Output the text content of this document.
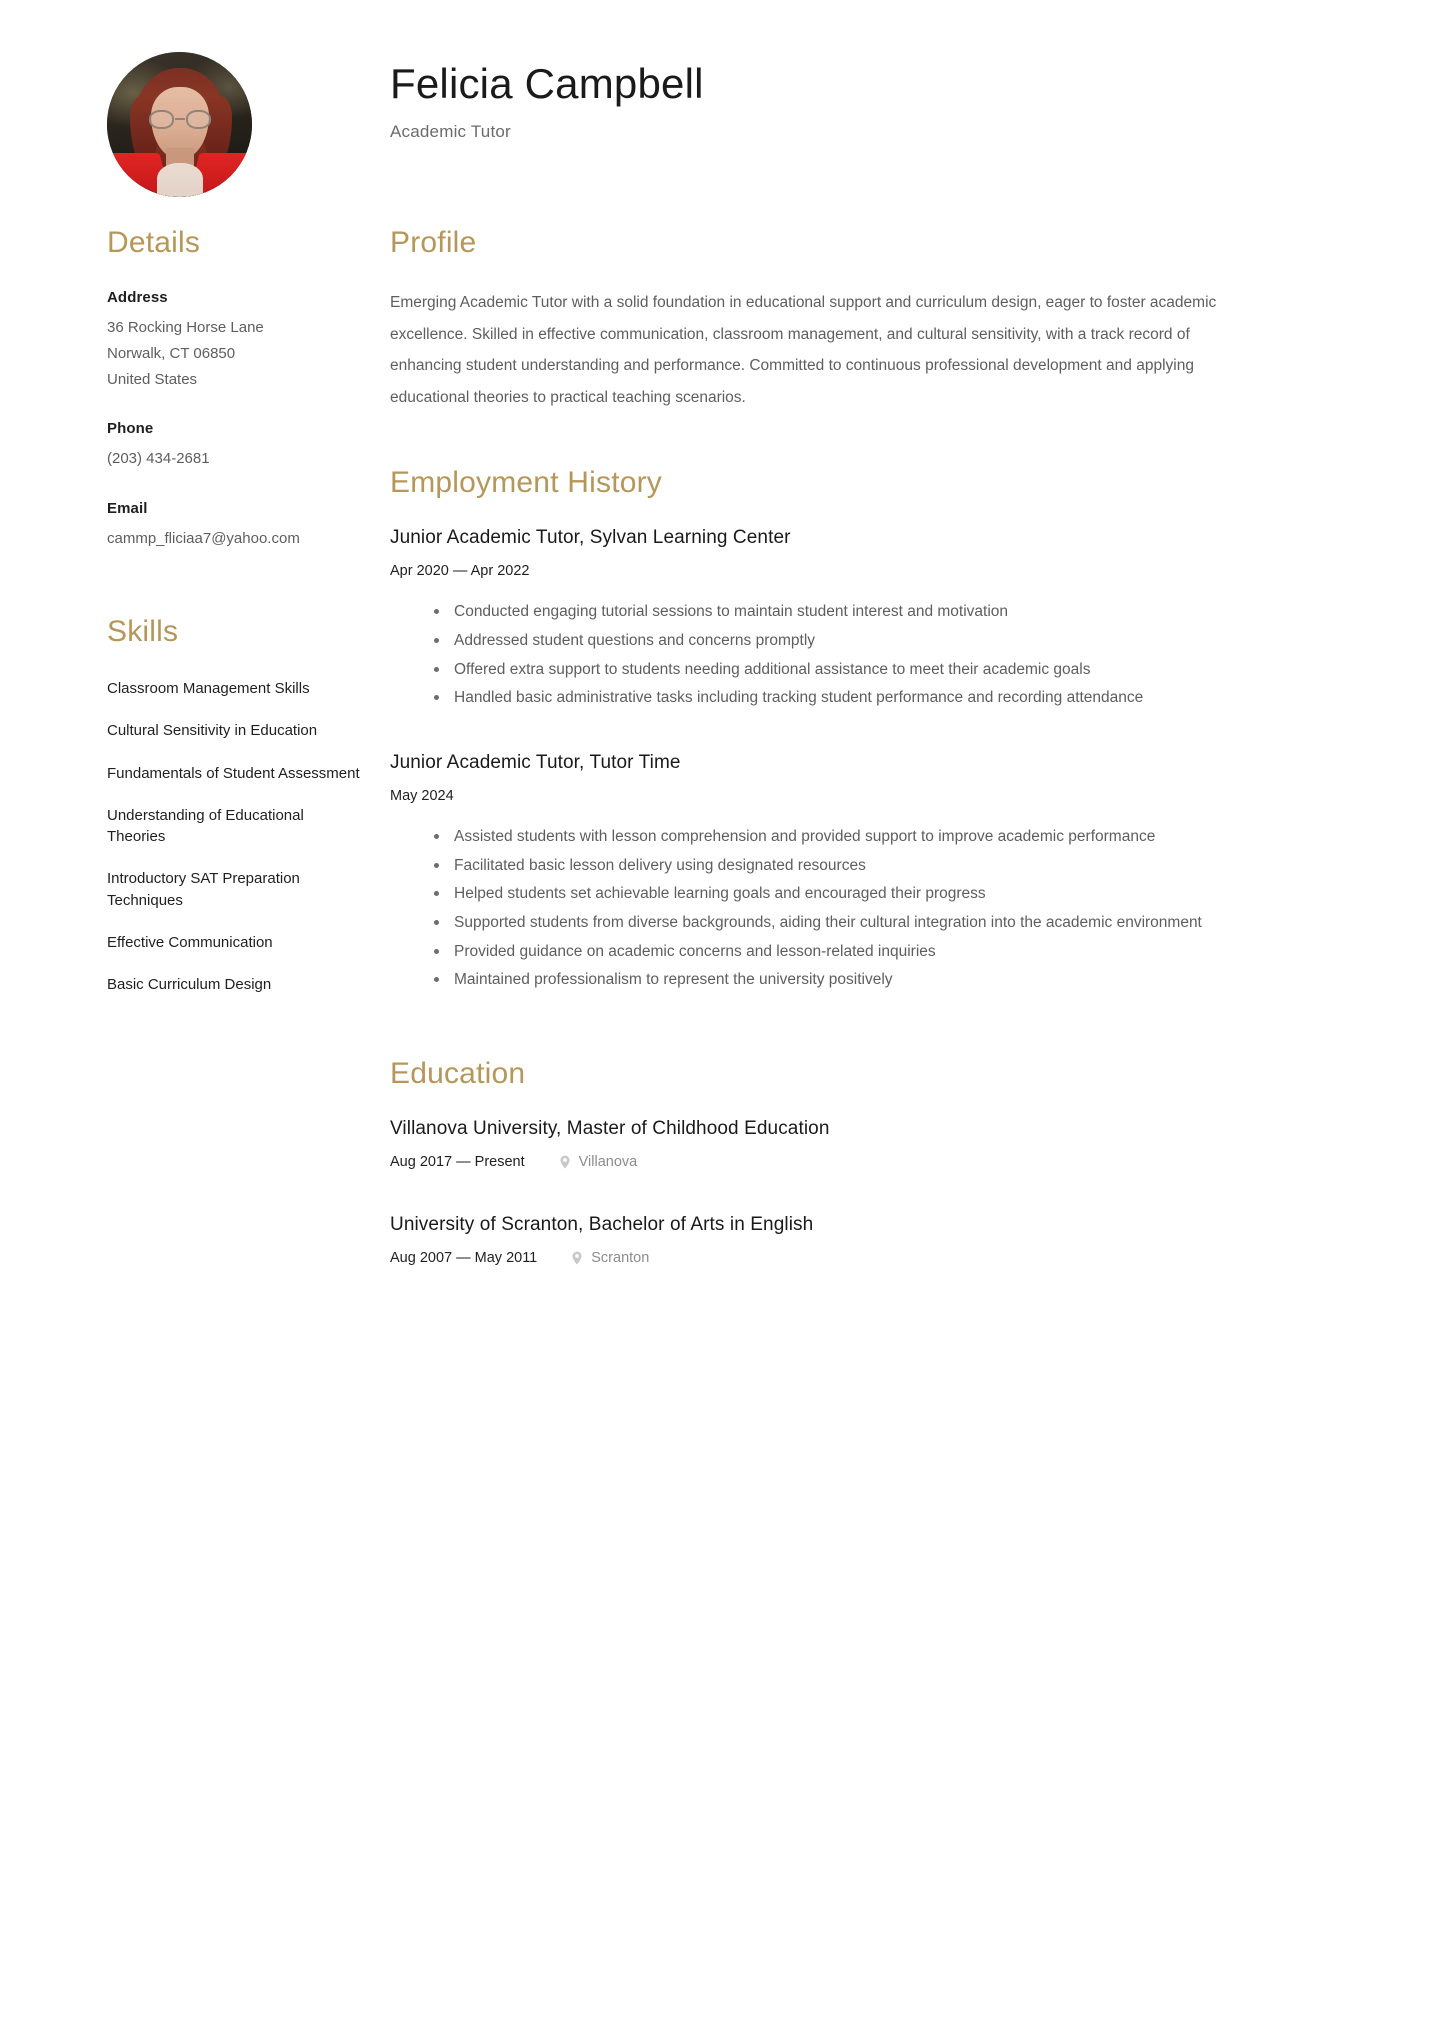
Felicia Campbell
Academic Tutor
Details
Address
36 Rocking Horse Lane
Norwalk, CT 06850
United States
Phone
(203) 434-2681
Email
cammp_fliciaa7@yahoo.com
Skills
Classroom Management Skills
Cultural Sensitivity in Education
Fundamentals of Student Assessment
Understanding of Educational Theories
Introductory SAT Preparation Techniques
Effective Communication
Basic Curriculum Design
Profile

Emerging Academic Tutor with a solid foundation in educational support and curriculum design, eager to foster academic excellence. Skilled in effective communication, classroom management, and cultural sensitivity, with a track record of enhancing student understanding and performance. Committed to continuous professional development and applying educational theories to practical teaching scenarios.

Employment History
Junior Academic Tutor, Sylvan Learning Center
Apr 2020 — Apr 2022
Conducted engaging tutorial sessions to maintain student interest and motivation
Addressed student questions and concerns promptly
Offered extra support to students needing additional assistance to meet their academic goals
Handled basic administrative tasks including tracking student performance and recording attendance
Junior Academic Tutor, Tutor Time
May 2024
Assisted students with lesson comprehension and provided support to improve academic performance
Facilitated basic lesson delivery using designated resources
Helped students set achievable learning goals and encouraged their progress
Supported students from diverse backgrounds, aiding their cultural integration into the academic environment
Provided guidance on academic concerns and lesson-related inquiries
Maintained professionalism to represent the university positively
Education
Villanova University, Master of Childhood Education
Aug 2017 — Present	Villanova
University of Scranton, Bachelor of Arts in English
Aug 2007 — May 2011	Scranton
